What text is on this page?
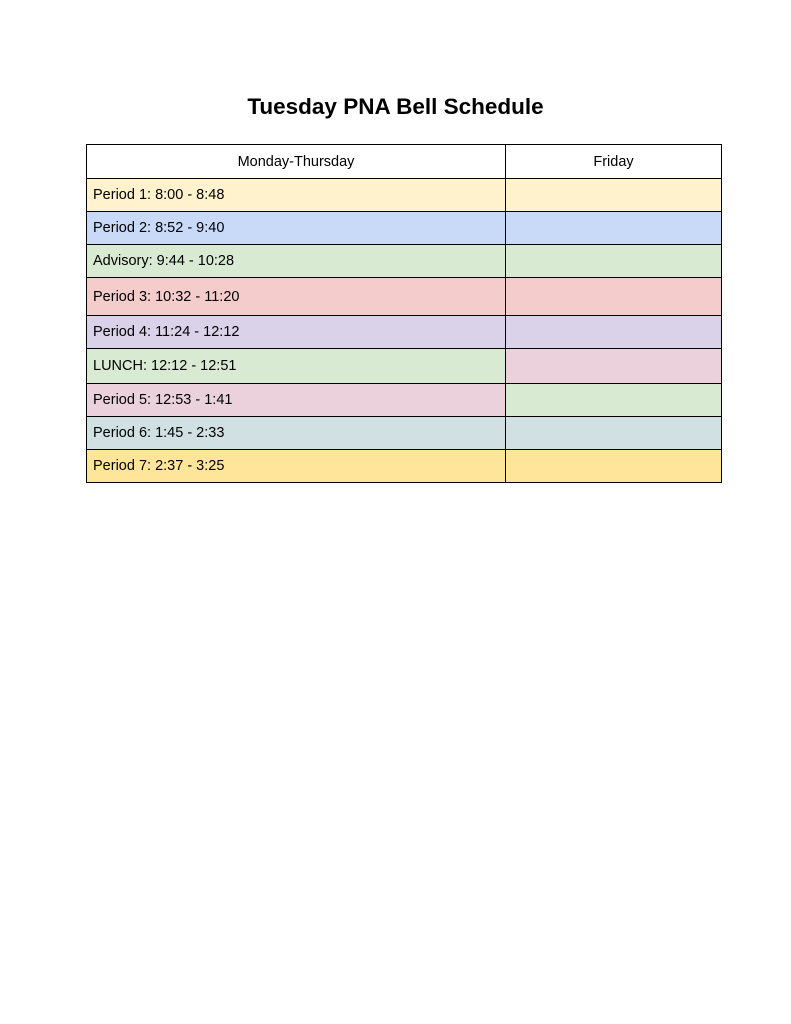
Tuesday PNA Bell Schedule
Monday-Thursday	Friday
Period 1: 8:00 - 8:48	
Period 2: 8:52 - 9:40	
Advisory: 9:44 - 10:28	
Period 3: 10:32 - 11:20	
Period 4: 11:24 - 12:12	
LUNCH: 12:12 - 12:51	
Period 5: 12:53 - 1:41	
Period 6: 1:45 - 2:33	
Period 7: 2:37 - 3:25	
